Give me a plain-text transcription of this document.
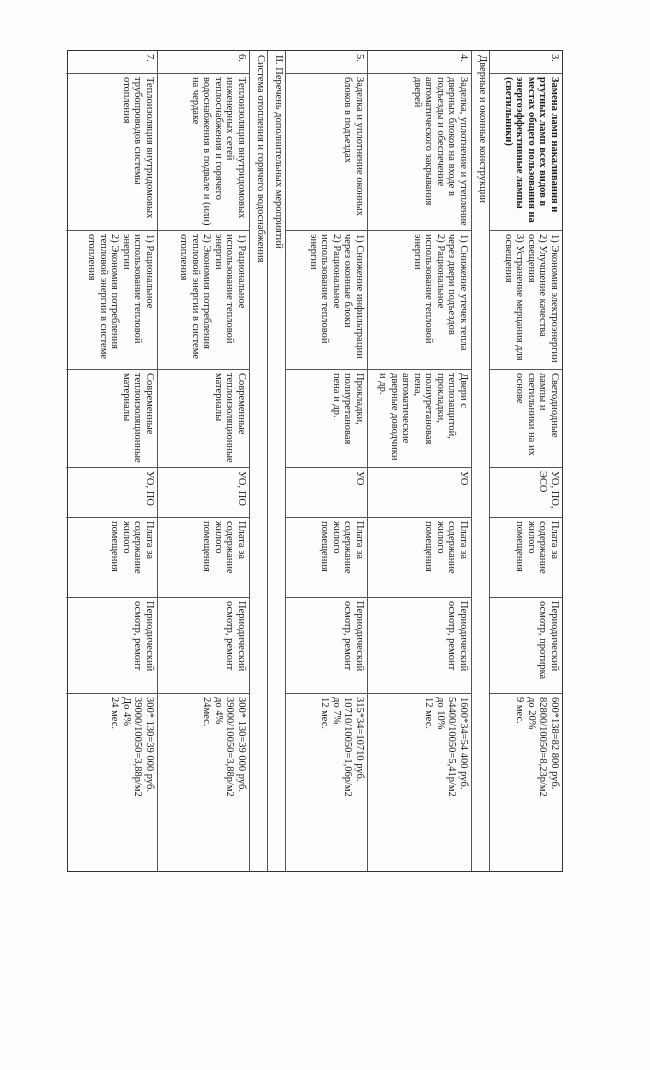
3.
Замена ламп накаливания и ртутных ламп всех видов в местах общего пользования на энергоэффективные лампы (светильники)
1) Экономия электроэнергии
2) Улучшение качества освещения
3) Устранение мерцания для освещения
Светодиодные лампы и светильники на их основе
УО, ПО, ЭСО
Плата за содержание жилого помещения
Периодический осмотр, протирка
600*138=82 800 руб.
82800/10050=8,23р/м2
до 20%
9 мес.
Дверные и оконные конструкции
4.
Заделка, уплотнение и утепление дверных блоков на входе в подъезды и обеспечение автоматического закрывания дверей
1) Снижение утечек тепла через двери подъездов
2) Рациональное использование тепловой энергии
Двери с теплозащитой, прокладки, полиуретановая пена, автоматические дверные доводчики и др.
УО
Плата за содержание жилого помещения
Периодический осмотр, ремонт
1600*34=54 400 руб.
54400/10050=5,41р/м2
до 10%
12 мес.
5.
Заделка и уплотнение оконных блоков в подъездах
1) Снижение инфильтрации через оконные блоки
2) Рациональное использование тепловой энергии
Прокладки, полиуретановая пена и др.
УО
Плата за содержание жилого помещения
Периодический осмотр, ремонт
315*34=10710 руб.
10710/10050=1,06р/м2
до 7%
12 мес.
II. Перечень дополнительных мероприятий
Система отопления и горячего водоснабжения
6.
Теплоизоляция внутридомовых инженерных сетей теплоснабжения и горячего водоснабжения в подвале и (или) на чердаке
1) Рациональное использование тепловой энергии
2) Экономия потребления тепловой энергии в системе отопления
Современные теплоизоляционные материалы
УО, ПО
Плата за содержание жилого помещения
Периодический осмотр, ремонт
300* 130=39 000 руб.
39000/10050=3,88р/м2
до 4%
24мес.
7.
Теплоизоляция внутридомовых трубопроводов системы отопления
1) Рациональное использование тепловой энергии
2) Экономия потребления тепловой энергии в системе отопления
Современные теплоизоляционные материалы
УО, ПО
Плата за содержание жилого помещения
Периодический осмотр, ремонт
300* 130=39 000 руб.
39000/10050=3,88р/м2
До 4%
24 мес.
